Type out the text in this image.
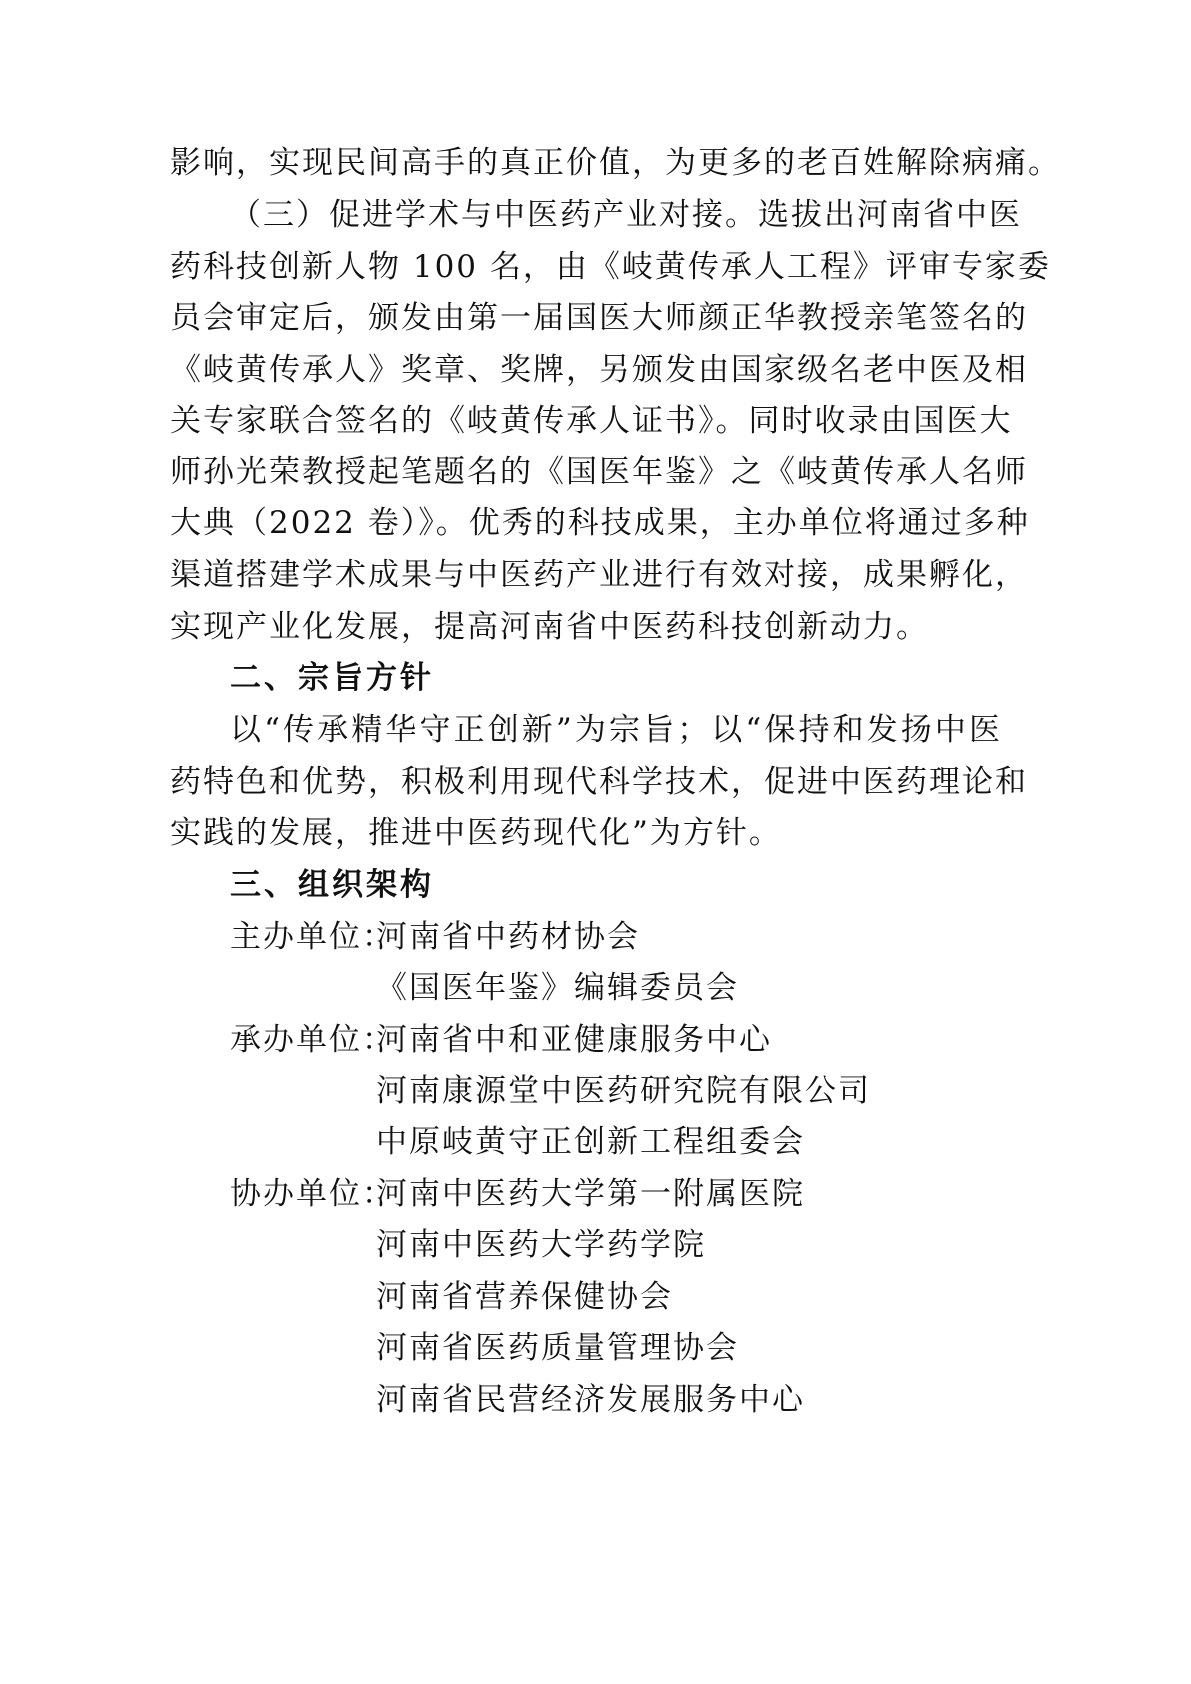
影响，实现民间高手的真正价值，为更多的老百姓解除病痛。
（三）促进学术与中医药产业对接。选拔出河南省中医
药科技创新人物 100 名，由《岐黄传承人工程》评审专家委
员会审定后，颁发由第一届国医大师颜正华教授亲笔签名的
《岐黄传承人》奖章、奖牌，另颁发由国家级名老中医及相
关专家联合签名的《岐黄传承人证书》。同时收录由国医大
师孙光荣教授起笔题名的《国医年鉴》之《岐黄传承人名师
大典（2022 卷）》。优秀的科技成果，主办单位将通过多种
渠道搭建学术成果与中医药产业进行有效对接，成果孵化，
实现产业化发展，提高河南省中医药科技创新动力。
二、宗旨方针
以“传承精华守正创新”为宗旨；以“保持和发扬中医
药特色和优势，积极利用现代科学技术，促进中医药理论和
实践的发展，推进中医药现代化”为方针。
三、组织架构
主办单位：
河南省中药材协会
《国医年鉴》编辑委员会
承办单位：
河南省中和亚健康服务中心
河南康源堂中医药研究院有限公司
中原岐黄守正创新工程组委会
协办单位：
河南中医药大学第一附属医院
河南中医药大学药学院
河南省营养保健协会
河南省医药质量管理协会
河南省民营经济发展服务中心
